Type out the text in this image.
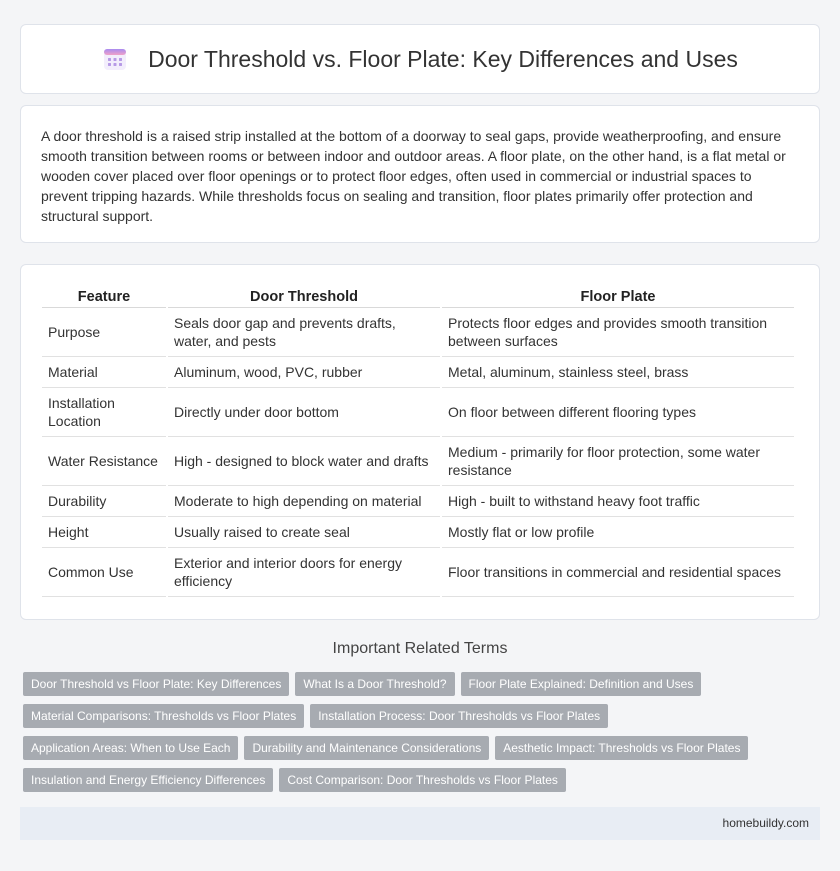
Door Threshold vs. Floor Plate: Key Differences and Uses

A door threshold is a raised strip installed at the bottom of a doorway to seal gaps, provide weatherproofing, and ensure smooth transition between rooms or between indoor and outdoor areas. A floor plate, on the other hand, is a flat metal or wooden cover placed over floor openings or to protect floor edges, often used in commercial or industrial spaces to prevent tripping hazards. While thresholds focus on sealing and transition, floor plates primarily offer protection and structural support.

Feature	Door Threshold	Floor Plate
Purpose	Seals door gap and prevents drafts, water, and pests	Protects floor edges and provides smooth transition between surfaces
Material	Aluminum, wood, PVC, rubber	Metal, aluminum, stainless steel, brass
Installation Location	Directly under door bottom	On floor between different flooring types
Water Resistance	High - designed to block water and drafts	Medium - primarily for floor protection, some water resistance
Durability	Moderate to high depending on material	High - built to withstand heavy foot traffic
Height	Usually raised to create seal	Mostly flat or low profile
Common Use	Exterior and interior doors for energy efficiency	Floor transitions in commercial and residential spaces
Important Related Terms
Door Threshold vs Floor Plate: Key Differences	What Is a Door Threshold?	Floor Plate Explained: Definition and Uses
Material Comparisons: Thresholds vs Floor Plates	Installation Process: Door Thresholds vs Floor Plates
Application Areas: When to Use Each	Durability and Maintenance Considerations	Aesthetic Impact: Thresholds vs Floor Plates
Insulation and Energy Efficiency Differences	Cost Comparison: Door Thresholds vs Floor Plates
homebuildy.com
